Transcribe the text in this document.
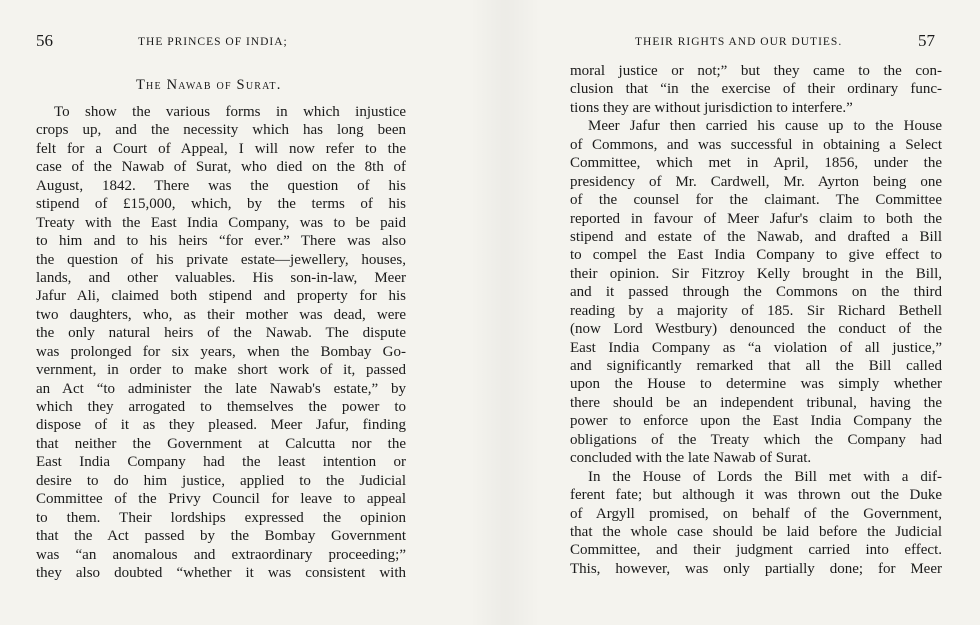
56	THE PRINCES OF INDIA;
The Nawab of Surat.
To show the various forms in which injustice
crops up, and the necessity which has long been
felt for a Court of Appeal, I will now refer to the
case of the Nawab of Surat, who died on the 8th of
August, 1842. There was the question of his
stipend of £15,000, which, by the terms of his
Treaty with the East India Company, was to be paid
to him and to his heirs “for ever.” There was also
the question of his private estate—jewellery, houses,
lands, and other valuables. His son-in-law, Meer
Jafur Ali, claimed both stipend and property for his
two daughters, who, as their mother was dead, were
the only natural heirs of the Nawab. The dispute
was prolonged for six years, when the Bombay Go-
vernment, in order to make short work of it, passed
an Act “to administer the late Nawab's estate,” by
which they arrogated to themselves the power to
dispose of it as they pleased. Meer Jafur, finding
that neither the Government at Calcutta nor the
East India Company had the least intention or
desire to do him justice, applied to the Judicial
Committee of the Privy Council for leave to appeal
to them. Their lordships expressed the opinion
that the Act passed by the Bombay Government
was “an anomalous and extraordinary proceeding;”
they also doubted “whether it was consistent with
THEIR RIGHTS AND OUR DUTIES.	57
moral justice or not;” but they came to the con-
clusion that “in the exercise of their ordinary func-
tions they are without jurisdiction to interfere.”
Meer Jafur then carried his cause up to the House
of Commons, and was successful in obtaining a Select
Committee, which met in April, 1856, under the
presidency of Mr. Cardwell, Mr. Ayrton being one
of the counsel for the claimant. The Committee
reported in favour of Meer Jafur's claim to both the
stipend and estate of the Nawab, and drafted a Bill
to compel the East India Company to give effect to
their opinion. Sir Fitzroy Kelly brought in the Bill,
and it passed through the Commons on the third
reading by a majority of 185. Sir Richard Bethell
(now Lord Westbury) denounced the conduct of the
East India Company as “a violation of all justice,”
and significantly remarked that all the Bill called
upon the House to determine was simply whether
there should be an independent tribunal, having the
power to enforce upon the East India Company the
obligations of the Treaty which the Company had
concluded with the late Nawab of Surat.
In the House of Lords the Bill met with a dif-
ferent fate; but although it was thrown out the Duke
of Argyll promised, on behalf of the Government,
that the whole case should be laid before the Judicial
Committee, and their judgment carried into effect.
This, however, was only partially done; for Meer
